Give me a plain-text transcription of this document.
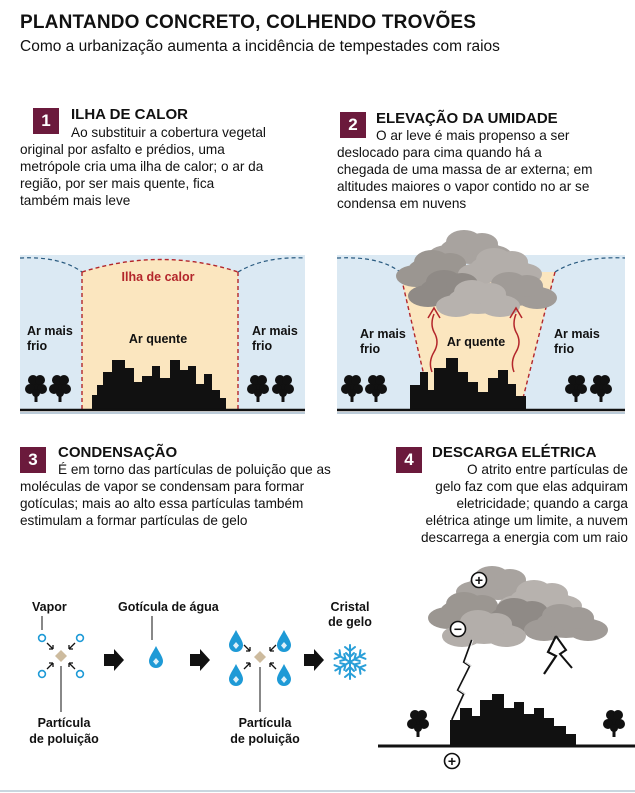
PLANTANDO CONCRETO, COLHENDO TROVÕES
Como a urbanização aumenta a incidência de tempestades com raios
Ilha de calor
Ar quente
Ar mais
frio
Ar mais
frio	Ar quente
Ar mais
frio
Ar mais
frio
Vapor	Gotícula de água	Cristal
de gelo
Partícula
de poluição
Partícula
de poluição
+
−
+
1	ILHA DE CALOR
Ao substituir a cobertura vegetal
original por asfalto e prédios, uma
metrópole cria uma ilha de calor; o ar da
região, por ser mais quente, fica
também mais leve
2	ELEVAÇÃO DA UMIDADE
O ar leve é mais propenso a ser
deslocado para cima quando há a
chegada de uma massa de ar externa; em
altitudes maiores o vapor contido no ar se
condensa em nuvens
3	CONDENSAÇÃO
É em torno das partículas de poluição que as
moléculas de vapor se condensam para formar
gotículas; mais ao alto essa partículas também
estimulam a formar partículas de gelo
4	DESCARGA ELÉTRICA
O atrito entre partículas de
gelo faz com que elas adquiram
eletricidade; quando a carga
elétrica atinge um limite, a nuvem
descarrega a energia com um raio
